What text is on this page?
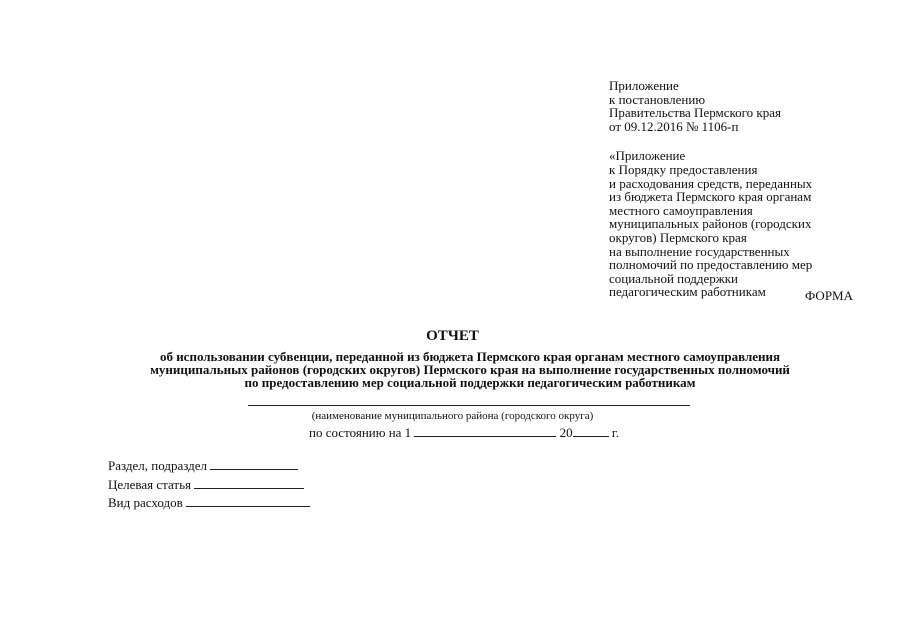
Приложение
к постановлению
Правительства Пермского края
от 09.12.2016 № 1106-п
«Приложение
к Порядку предоставления
и расходования средств, переданных
из бюджета Пермского края органам
местного самоуправления
муниципальных районов (городских
округов) Пермского края
на выполнение государственных
полномочий по предоставлению мер
социальной поддержки
педагогическим работникам	ФОРМА
ОТЧЕТ
об использовании субвенции, переданной из бюджета Пермского края органам местного самоуправления
муниципальных районов (городских округов) Пермского края на выполнение государственных полномочий
по предоставлению мер социальной поддержки педагогическим работникам
(наименование муниципального района (городского округа)
по состоянию на 1	20	г.
Раздел, подраздел
Целевая статья
Вид расходов
